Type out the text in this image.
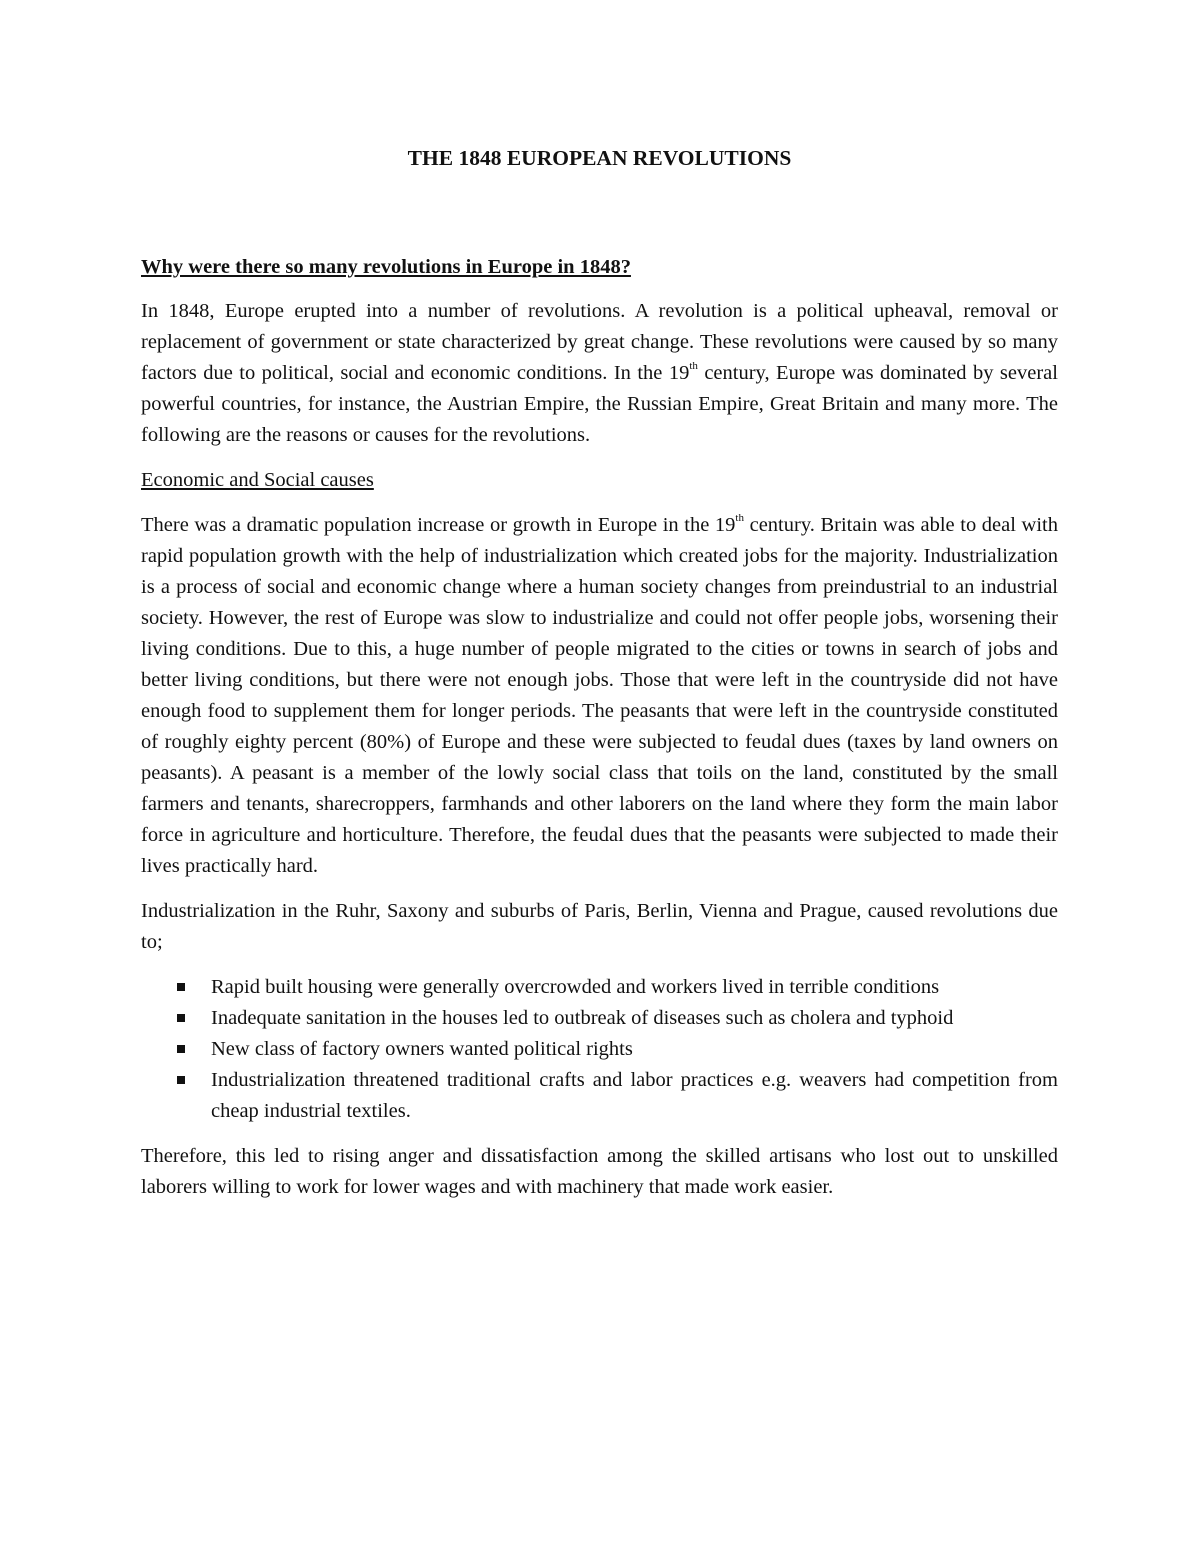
THE 1848 EUROPEAN REVOLUTIONS
Why were there so many revolutions in Europe in 1848?

In 1848, Europe erupted into a number of revolutions. A revolution is a political upheaval, removal or replacement of government or state characterized by great change. These revolutions were caused by so many factors due to political, social and economic conditions. In the 19th century, Europe was dominated by several powerful countries, for instance, the Austrian Empire, the Russian Empire, Great Britain and many more. The following are the reasons or causes for the revolutions.

Economic and Social causes

There was a dramatic population increase or growth in Europe in the 19th century. Britain was able to deal with rapid population growth with the help of industrialization which created jobs for the majority. Industrialization is a process of social and economic change where a human society changes from preindustrial to an industrial society. However, the rest of Europe was slow to industrialize and could not offer people jobs, worsening their living conditions. Due to this, a huge number of people migrated to the cities or towns in search of jobs and better living conditions, but there were not enough jobs. Those that were left in the countryside did not have enough food to supplement them for longer periods. The peasants that were left in the countryside constituted of roughly eighty percent (80%) of Europe and these were subjected to feudal dues (taxes by land owners on peasants). A peasant is a member of the lowly social class that toils on the land, constituted by the small farmers and tenants, sharecroppers, farmhands and other laborers on the land where they form the main labor force in agriculture and horticulture. Therefore, the feudal dues that the peasants were subjected to made their lives practically hard.

Industrialization in the Ruhr, Saxony and suburbs of Paris, Berlin, Vienna and Prague, caused revolutions due to;

Rapid built housing were generally overcrowded and workers lived in terrible conditions
Inadequate sanitation in the houses led to outbreak of diseases such as cholera and typhoid
New class of factory owners wanted political rights
Industrialization threatened traditional crafts and labor practices e.g. weavers had competition from cheap industrial textiles.

Therefore, this led to rising anger and dissatisfaction among the skilled artisans who lost out to unskilled laborers willing to work for lower wages and with machinery that made work easier.
